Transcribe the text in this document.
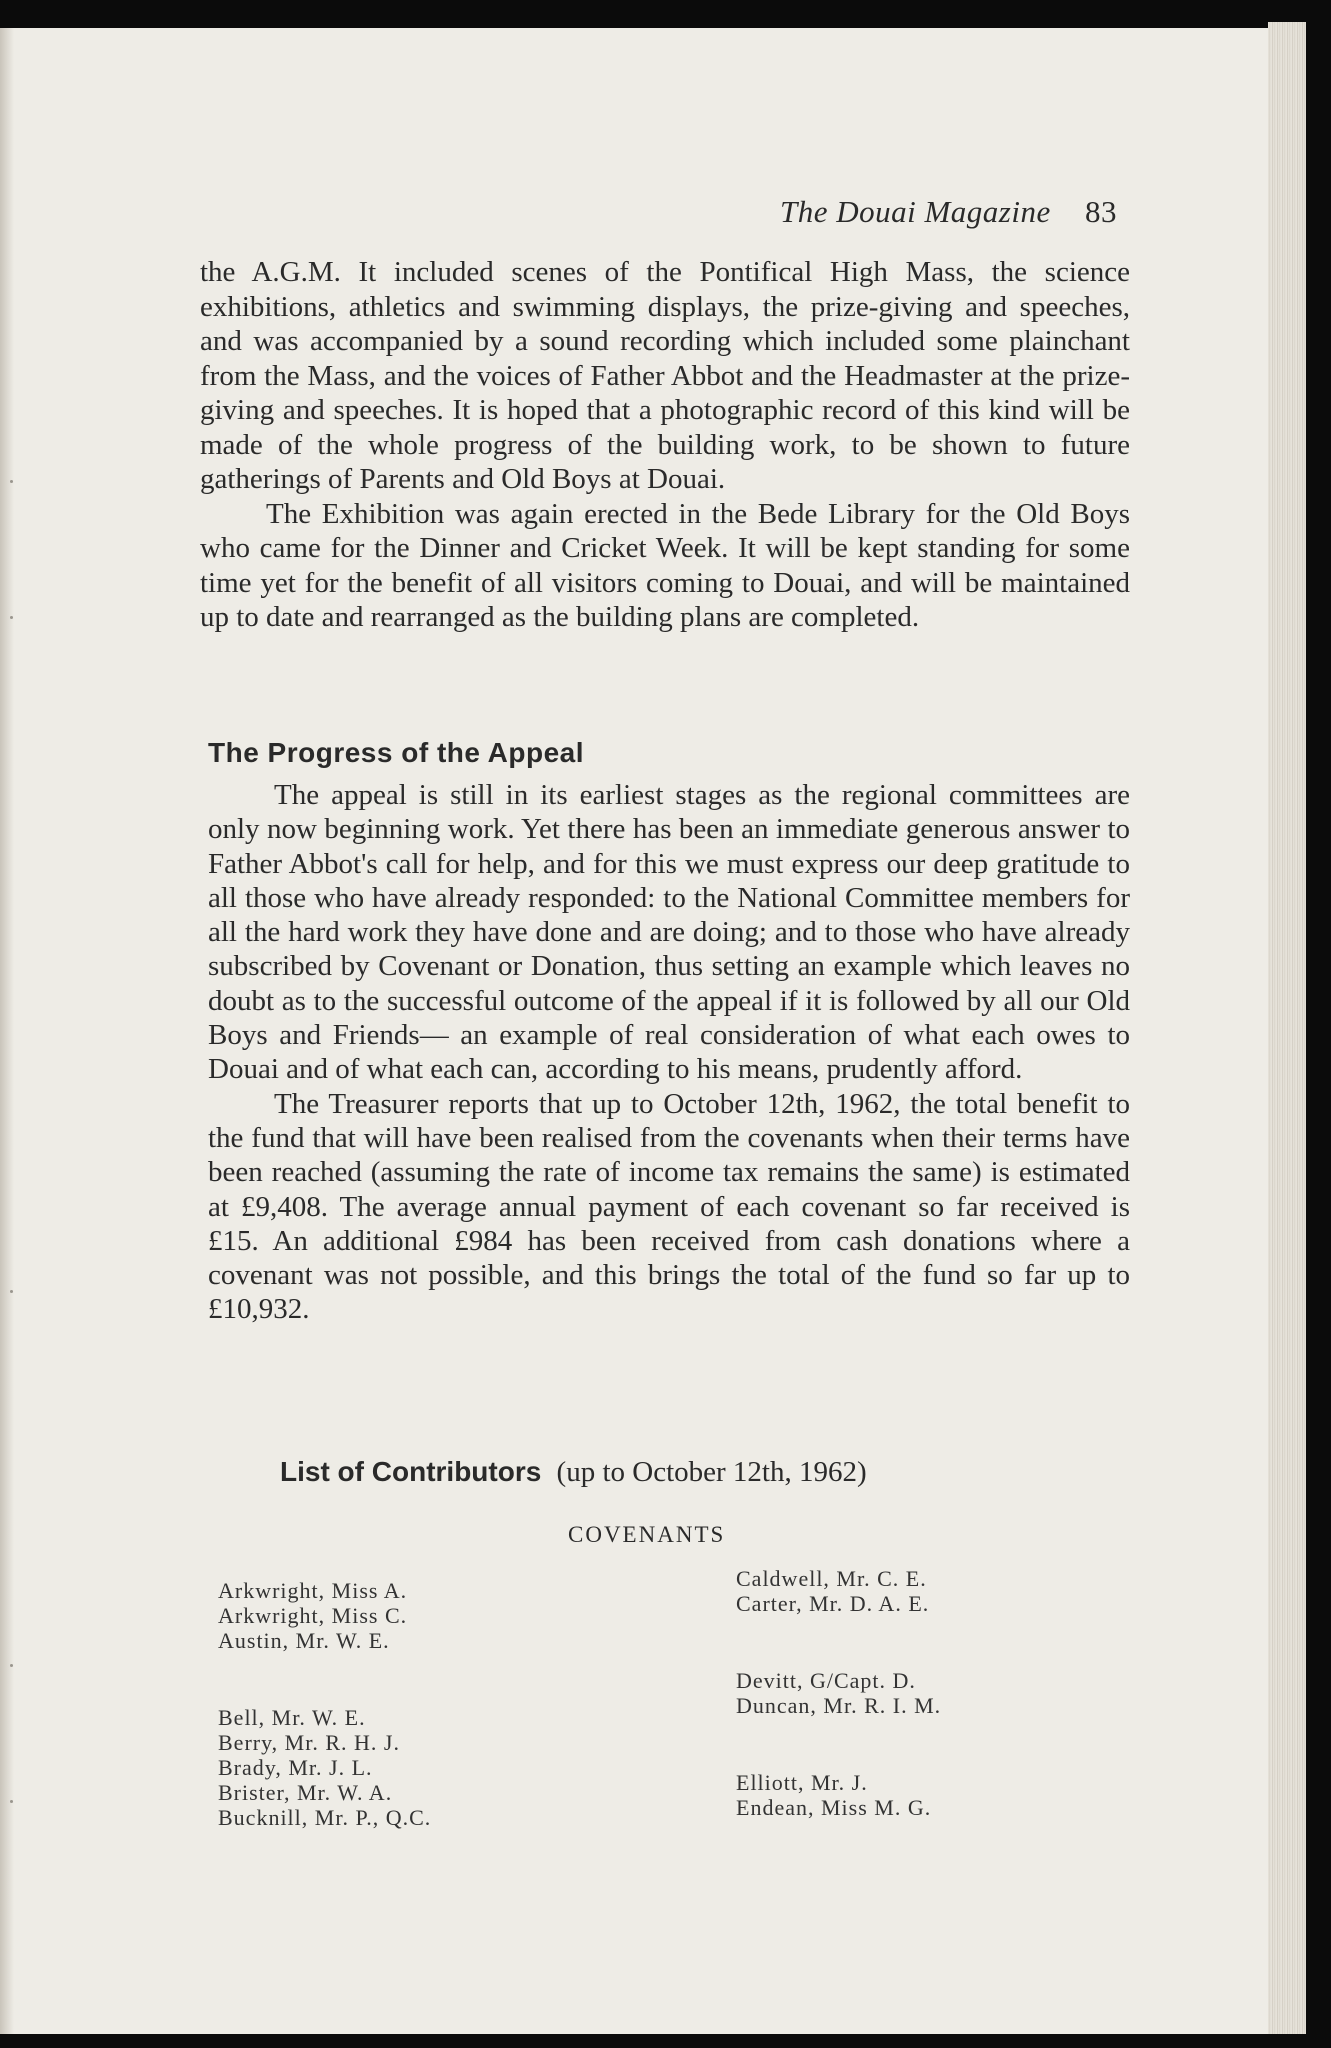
The Douai Magazine 83

the A.G.M. It included scenes of the Pontifical High Mass, the science exhibitions, athletics and swimming displays, the prize-giving and speeches, and was accompanied by a sound recording which included some plainchant from the Mass, and the voices of Father Abbot and the Headmaster at the prize-giving and speeches. It is hoped that a photographic record of this kind will be made of the whole progress of the building work, to be shown to future gatherings of Parents and Old Boys at Douai.

The Exhibition was again erected in the Bede Library for the Old Boys who came for the Dinner and Cricket Week. It will be kept standing for some time yet for the benefit of all visitors coming to Douai, and will be maintained up to date and rearranged as the building plans are completed.

The Progress of the Appeal

The appeal is still in its earliest stages as the regional committees are only now beginning work. Yet there has been an immediate generous answer to Father Abbot's call for help, and for this we must express our deep gratitude to all those who have already responded: to the National Committee members for all the hard work they have done and are doing; and to those who have already subscribed by Covenant or Donation, thus setting an example which leaves no doubt as to the successful outcome of the appeal if it is followed by all our Old Boys and Friends— an example of real consideration of what each owes to Douai and of what each can, according to his means, prudently afford.

The Treasurer reports that up to October 12th, 1962, the total benefit to the fund that will have been realised from the covenants when their terms have been reached (assuming the rate of income tax remains the same) is estimated at £9,408. The average annual payment of each covenant so far received is £15. An additional £984 has been received from cash donations where a covenant was not possible, and this brings the total of the fund so far up to £10,932.

List of Contributors (up to October 12th, 1962)
COVENANTS
Arkwright, Miss A.
Arkwright, Miss C.
Austin, Mr. W. E.
Bell, Mr. W. E.
Berry, Mr. R. H. J.
Brady, Mr. J. L.
Brister, Mr. W. A.
Bucknill, Mr. P., Q.C.
Caldwell, Mr. C. E.
Carter, Mr. D. A. E.
Devitt, G/Capt. D.
Duncan, Mr. R. I. M.
Elliott, Mr. J.
Endean, Miss M. G.
